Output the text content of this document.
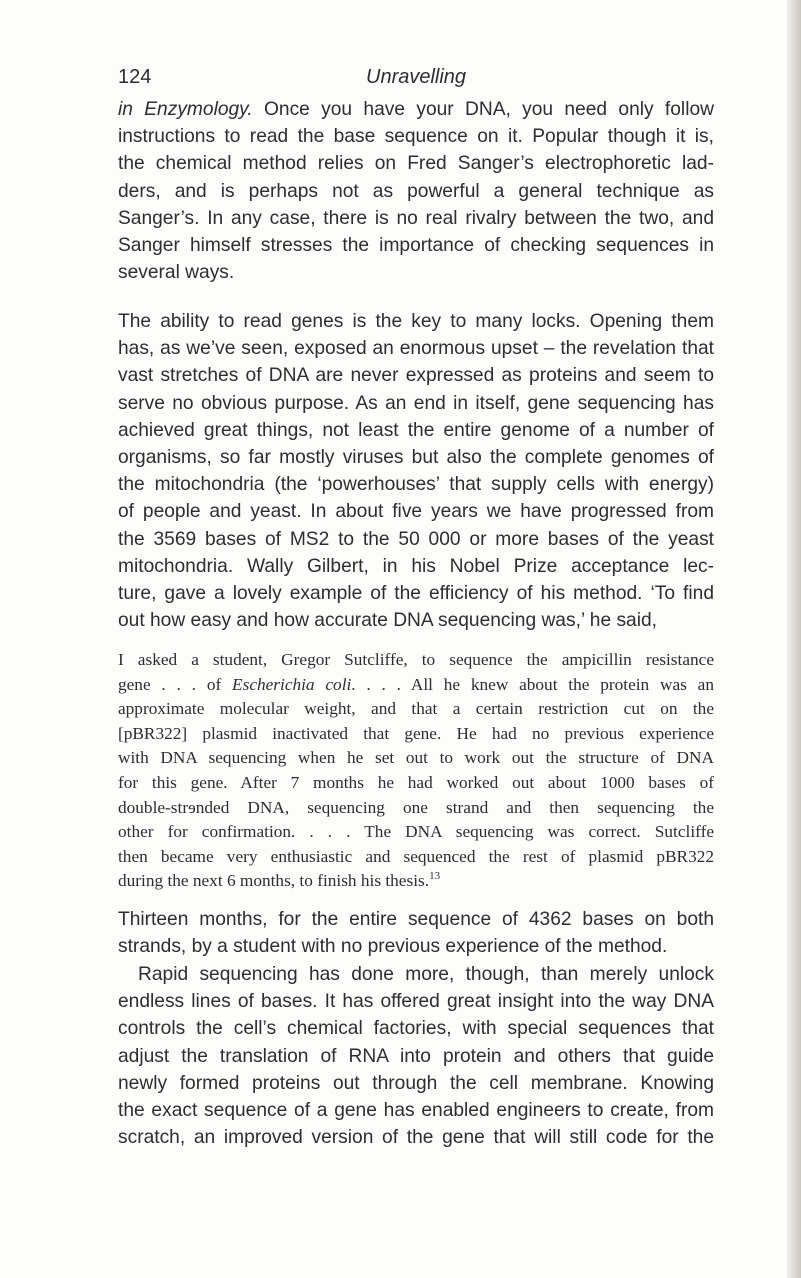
124	Unravelling
in Enzymology. Once you have your DNA, you need only follow
instructions to read the base sequence on it. Popular though it is,
the chemical method relies on Fred Sanger’s electrophoretic lad-
ders, and is perhaps not as powerful a general technique as
Sanger’s. In any case, there is no real rivalry between the two, and
Sanger himself stresses the importance of checking sequences in
several ways.
The ability to read genes is the key to many locks. Opening them
has, as we’ve seen, exposed an enormous upset – the revelation that
vast stretches of DNA are never expressed as proteins and seem to
serve no obvious purpose. As an end in itself, gene sequencing has
achieved great things, not least the entire genome of a number of
organisms, so far mostly viruses but also the complete genomes of
the mitochondria (the ‘powerhouses’ that supply cells with energy)
of people and yeast. In about five years we have progressed from
the 3569 bases of MS2 to the 50 000 or more bases of the yeast
mitochondria. Wally Gilbert, in his Nobel Prize acceptance lec-
ture, gave a lovely example of the efficiency of his method. ‘To find
out how easy and how accurate DNA sequencing was,’ he said,
I asked a student, Gregor Sutcliffe, to sequence the ampicillin resistance
gene . . . of Escherichia coli. . . . All he knew about the protein was an
approximate molecular weight, and that a certain restriction cut on the
[pBR322] plasmid inactivated that gene. He had no previous experience
with DNA sequencing when he set out to work out the structure of DNA
for this gene. After 7 months he had worked out about 1000 bases of
double-strɘnded DNA, sequencing one strand and then sequencing the
other for confirmation. . . . The DNA sequencing was correct. Sutcliffe
then became very enthusiastic and sequenced the rest of plasmid pBR322
during the next 6 months, to finish his thesis.$^{13}$
Thirteen months, for the entire sequence of 4362 bases on both
strands, by a student with no previous experience of the method.
Rapid sequencing has done more, though, than merely unlock
endless lines of bases. It has offered great insight into the way DNA
controls the cell’s chemical factories, with special sequences that
adjust the translation of RNA into protein and others that guide
newly formed proteins out through the cell membrane. Knowing
the exact sequence of a gene has enabled engineers to create, from
scratch, an improved version of the gene that will still code for the
